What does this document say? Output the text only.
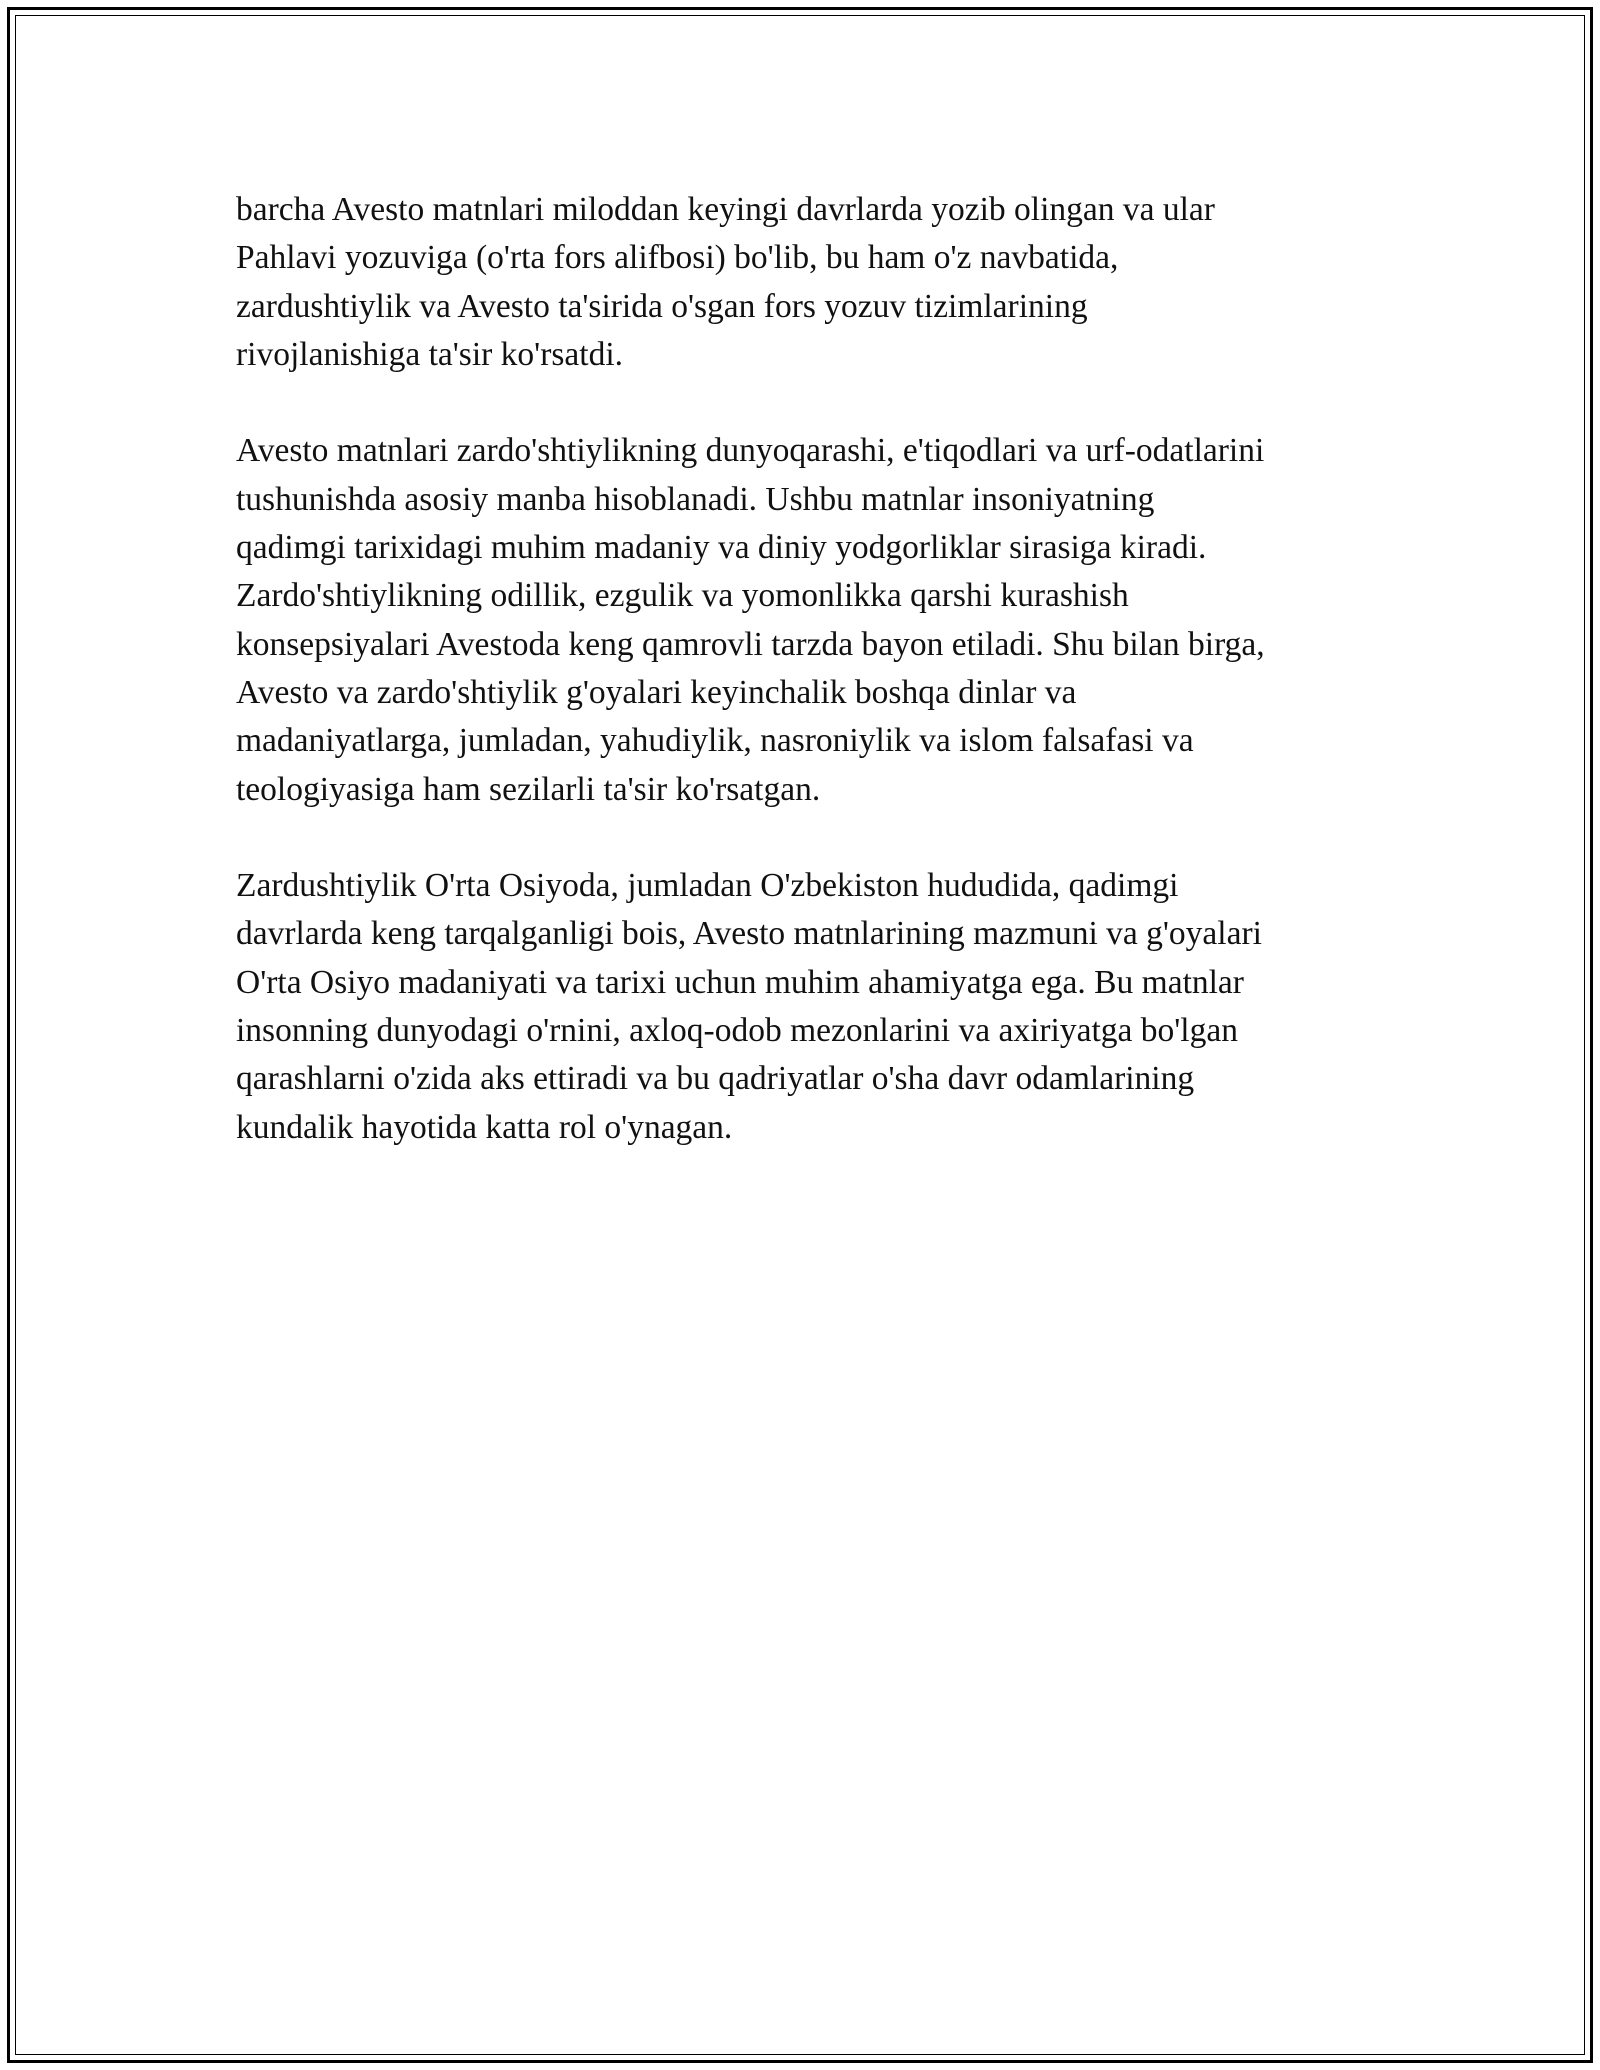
barcha Avesto matnlari miloddan keyingi davrlarda yozib olingan va ular
Pahlavi yozuviga (o'rta fors alifbosi) bo'lib, bu ham o'z navbatida,
zardushtiylik va Avesto ta'sirida o'sgan fors yozuv tizimlarining
rivojlanishiga ta'sir ko'rsatdi.

Avesto matnlari zardo'shtiylikning dunyoqarashi, e'tiqodlari va urf-odatlarini
tushunishda asosiy manba hisoblanadi. Ushbu matnlar insoniyatning
qadimgi tarixidagi muhim madaniy va diniy yodgorliklar sirasiga kiradi.
Zardo'shtiylikning odillik, ezgulik va yomonlikka qarshi kurashish
konsepsiyalari Avestoda keng qamrovli tarzda bayon etiladi. Shu bilan birga,
Avesto va zardo'shtiylik g'oyalari keyinchalik boshqa dinlar va
madaniyatlarga, jumladan, yahudiylik, nasroniylik va islom falsafasi va
teologiyasiga ham sezilarli ta'sir ko'rsatgan.

Zardushtiylik O'rta Osiyoda, jumladan O'zbekiston hududida, qadimgi
davrlarda keng tarqalganligi bois, Avesto matnlarining mazmuni va g'oyalari
O'rta Osiyo madaniyati va tarixi uchun muhim ahamiyatga ega. Bu matnlar
insonning dunyodagi o'rnini, axloq-odob mezonlarini va axiriyatga bo'lgan
qarashlarni o'zida aks ettiradi va bu qadriyatlar o'sha davr odamlarining
kundalik hayotida katta rol o'ynagan.
